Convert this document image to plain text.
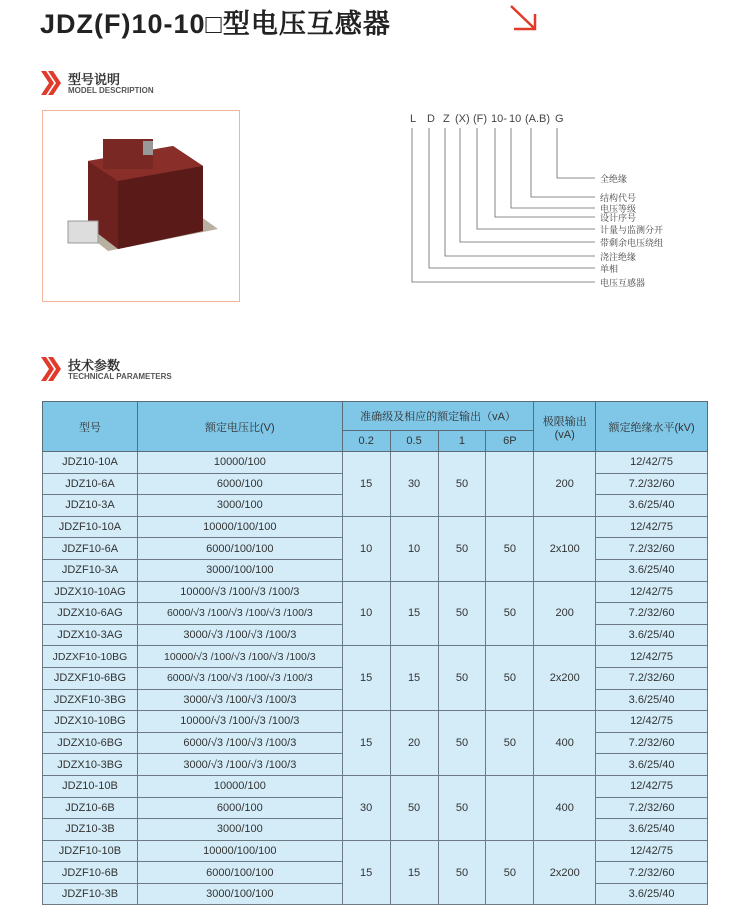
JDZ(F)10-10□型电压互感器
型号说明
MODEL DESCRIPTION
L D Z (X) (F) 10- 10 (A.B) G
全绝缘
结构代号
电压等级
设计序号
计量与监测分开
带剩余电压绕组
浇注绝缘
单相
电压互感器
技术参数
TECHNICAL PARAMETERS
型号	额定电压比(V)	准确级及相应的额定输出（vA）				极限输出(vA)	额定绝缘水平(kV)
		0.2	0.5	1	6P		
JDZ10-10A	10000/100	15	30	50		200	12/42/75
JDZ10-6A	6000/100						7.2/32/60
JDZ10-3A	3000/100						3.6/25/40
JDZF10-10A	10000/100/100	10	10	50	50	2x100	12/42/75
JDZF10-6A	6000/100/100						7.2/32/60
JDZF10-3A	3000/100/100						3.6/25/40
JDZX10-10AG	10000/√3 /100/√3 /100/3	10	15	50	50	200	12/42/75
JDZX10-6AG	6000/√3 /100/√3 /100/√3 /100/3						7.2/32/60
JDZX10-3AG	3000/√3 /100/√3 /100/3						3.6/25/40
JDZXF10-10BG	10000/√3 /100/√3 /100/√3 /100/3	15	15	50	50	2x200	12/42/75
JDZXF10-6BG	6000/√3 /100/√3 /100/√3 /100/3						7.2/32/60
JDZXF10-3BG	3000/√3 /100/√3 /100/3						3.6/25/40
JDZX10-10BG	10000/√3 /100/√3 /100/3	15	20	50	50	400	12/42/75
JDZX10-6BG	6000/√3 /100/√3 /100/3						7.2/32/60
JDZX10-3BG	3000/√3 /100/√3 /100/3						3.6/25/40
JDZ10-10B	10000/100	30	50	50		400	12/42/75
JDZ10-6B	6000/100						7.2/32/60
JDZ10-3B	3000/100						3.6/25/40
JDZF10-10B	10000/100/100	15	15	50	50	2x200	12/42/75
JDZF10-6B	6000/100/100						7.2/32/60
JDZF10-3B	3000/100/100						3.6/25/40
